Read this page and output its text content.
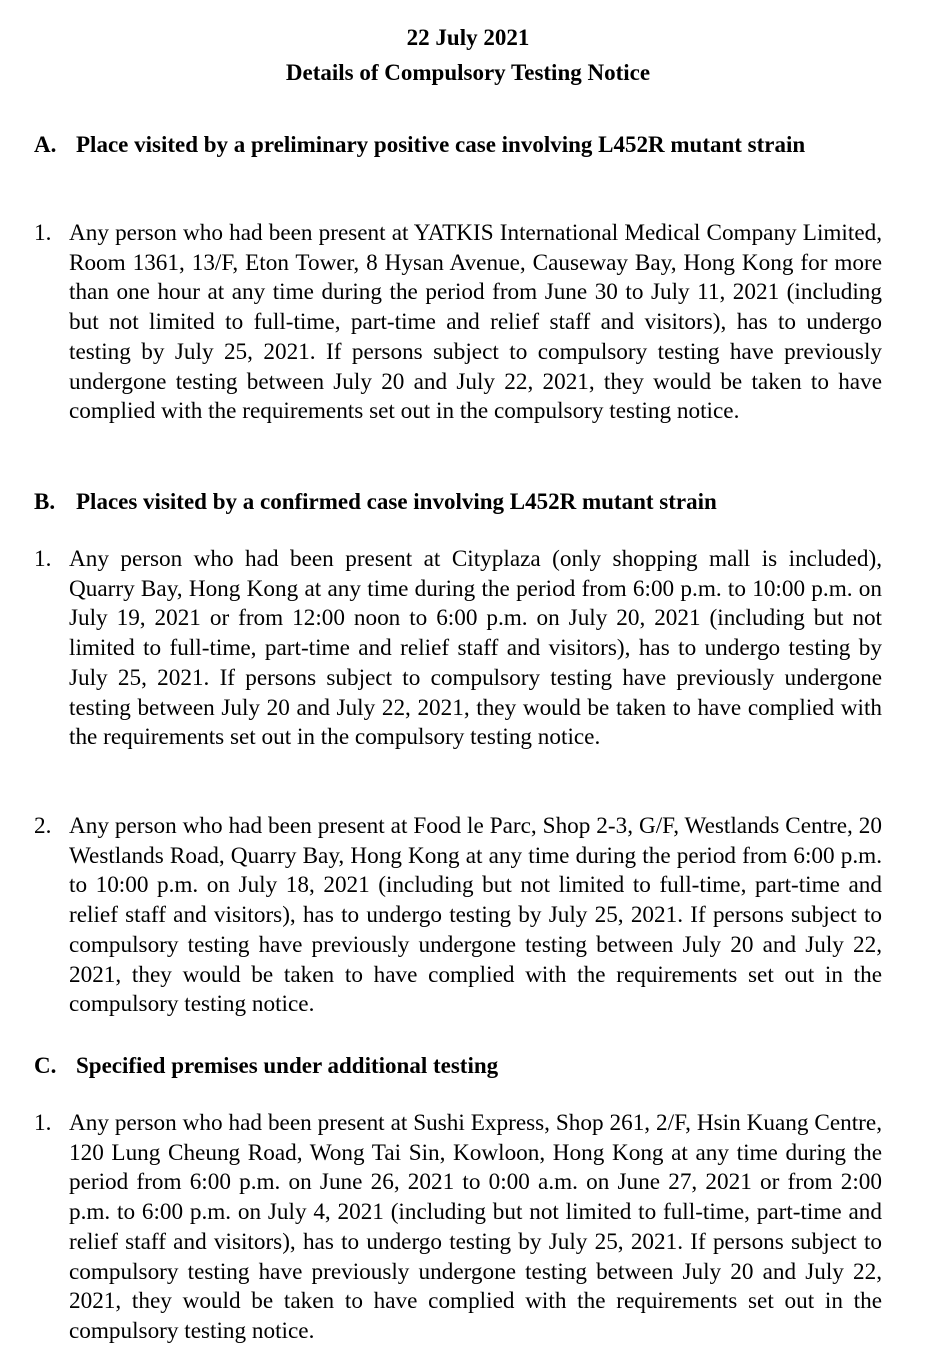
22 July 2021
Details of Compulsory Testing Notice
A. Place visited by a preliminary positive case involving L452R mutant strain
1. Any person who had been present at YATKIS International Medical Company Limited, Room 1361, 13/F, Eton Tower, 8 Hysan Avenue, Causeway Bay, Hong Kong for more than one hour at any time during the period from June 30 to July 11, 2021 (including but not limited to full-time, part-time and relief staff and visitors), has to undergo testing by July 25, 2021. If persons subject to compulsory testing have previously undergone testing between July 20 and July 22, 2021, they would be taken to have complied with the requirements set out in the compulsory testing notice.
B. Places visited by a confirmed case involving L452R mutant strain
1. Any person who had been present at Cityplaza (only shopping mall is included), Quarry Bay, Hong Kong at any time during the period from 6:00 p.m. to 10:00 p.m. on July 19, 2021 or from 12:00 noon to 6:00 p.m. on July 20, 2021 (including but not limited to full-time, part-time and relief staff and visitors), has to undergo testing by July 25, 2021. If persons subject to compulsory testing have previously undergone testing between July 20 and July 22, 2021, they would be taken to have complied with the requirements set out in the compulsory testing notice.
2. Any person who had been present at Food le Parc, Shop 2-3, G/F, Westlands Centre, 20 Westlands Road, Quarry Bay, Hong Kong at any time during the period from 6:00 p.m. to 10:00 p.m. on July 18, 2021 (including but not limited to full-time, part-time and relief staff and visitors), has to undergo testing by July 25, 2021. If persons subject to compulsory testing have previously undergone testing between July 20 and July 22, 2021, they would be taken to have complied with the requirements set out in the compulsory testing notice.
C. Specified premises under additional testing
1. Any person who had been present at Sushi Express, Shop 261, 2/F, Hsin Kuang Centre, 120 Lung Cheung Road, Wong Tai Sin, Kowloon, Hong Kong at any time during the period from 6:00 p.m. on June 26, 2021 to 0:00 a.m. on June 27, 2021 or from 2:00 p.m. to 6:00 p.m. on July 4, 2021 (including but not limited to full-time, part-time and relief staff and visitors), has to undergo testing by July 25, 2021. If persons subject to compulsory testing have previously undergone testing between July 20 and July 22, 2021, they would be taken to have complied with the requirements set out in the compulsory testing notice.
